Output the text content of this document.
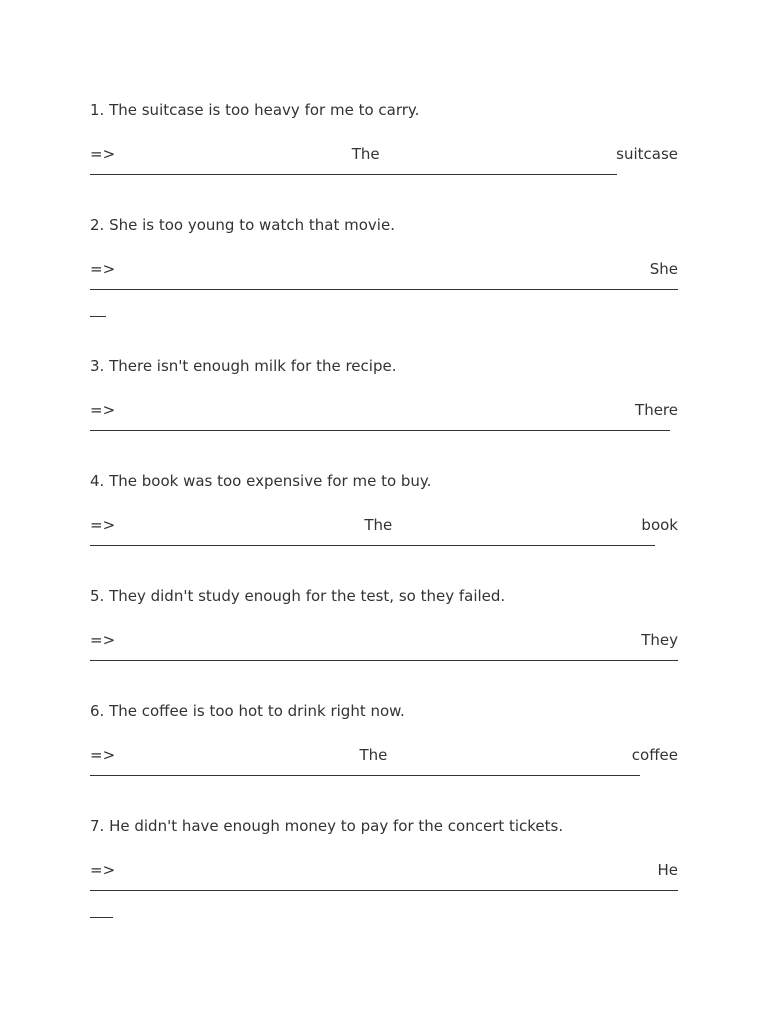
1. The suitcase is too heavy for me to carry.
=>	The	suitcase
2. She is too young to watch that movie.
=>	She
3. There isn't enough milk for the recipe.
=>	There
4. The book was too expensive for me to buy.
=>	The	book
5. They didn't study enough for the test, so they failed.
=>	They
6. The coffee is too hot to drink right now.
=>	The	coffee
7. He didn't have enough money to pay for the concert tickets.
=>	He
